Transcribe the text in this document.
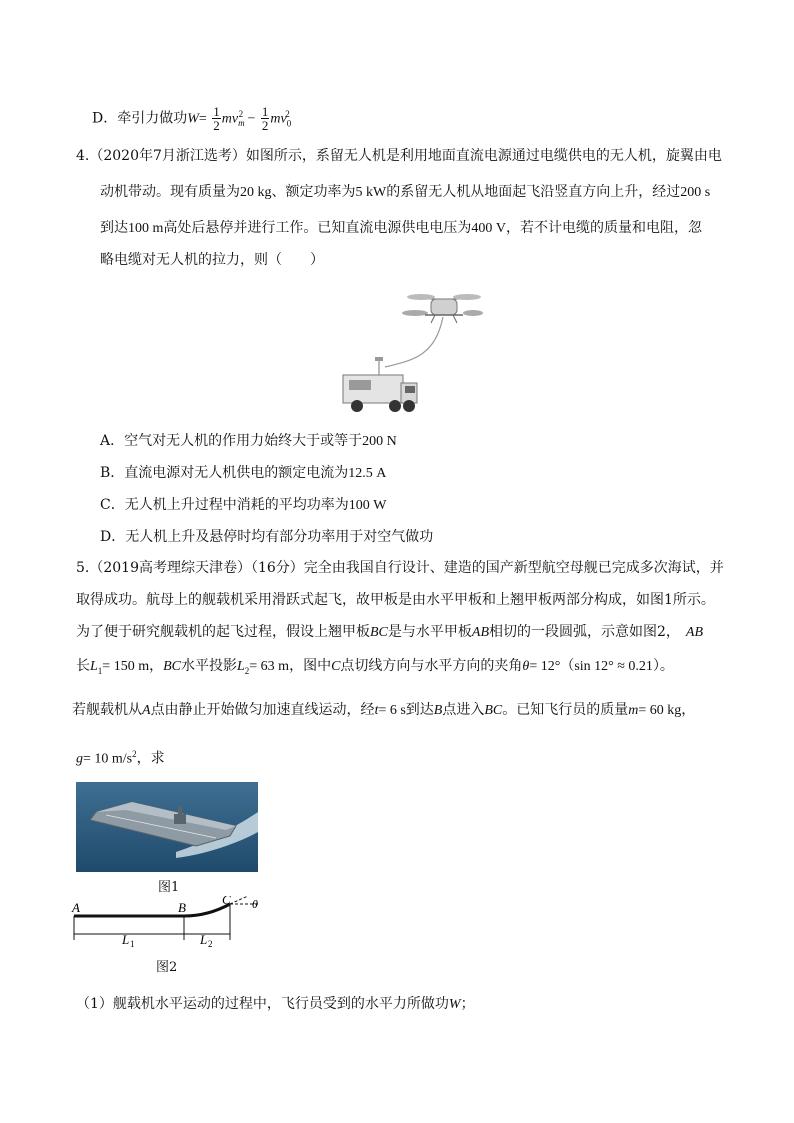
D．牵引力做功$W= \frac{1}{2} mv_m^2 - \frac{1}{2} mv_0^2$
4.（2020年7月浙江选考）如图所示，系留无人机是利用地面直流电源通过电缆供电的无人机，旋翼由电
动机带动。现有质量为20 kg、额定功率为5 kW的系留无人机从地面起飞沿竖直方向上升，经过200 s
到达100 m高处后悬停并进行工作。已知直流电源供电电压为400 V，若不计电缆的质量和电阻，忽
略电缆对无人机的拉力，则（　　）
A．空气对无人机的作用力始终大于或等于200 N
B．直流电源对无人机供电的额定电流为12.5 A
C．无人机上升过程中消耗的平均功率为100 W
D．无人机上升及悬停时均有部分功率用于对空气做功
5.（2019高考理综天津卷）（16分）完全由我国自行设计、建造的国产新型航空母舰已完成多次海试，并
取得成功。航母上的舰载机采用滑跃式起飞，故甲板是由水平甲板和上翘甲板两部分构成，如图1所示。
为了便于研究舰载机的起飞过程，假设上翘甲板BC是与水平甲板AB相切的一段圆弧，示意如图2， AB
长$L_1= 150$ m，BC水平投影$L_2= 63$ m，图中C点切线方向与水平方向的夹角θ= 12°（sin 12° ≈ 0.21）。
若舰载机从A点由静止开始做匀加速直线运动，经t= 6 s到达B点进入BC。已知飞行员的质量m= 60 kg，
g= 10 $m/s^2$，求
图1
A	B
C θ
L 1	L 2
图2
（1）舰载机水平运动的过程中，飞行员受到的水平力所做功W；
